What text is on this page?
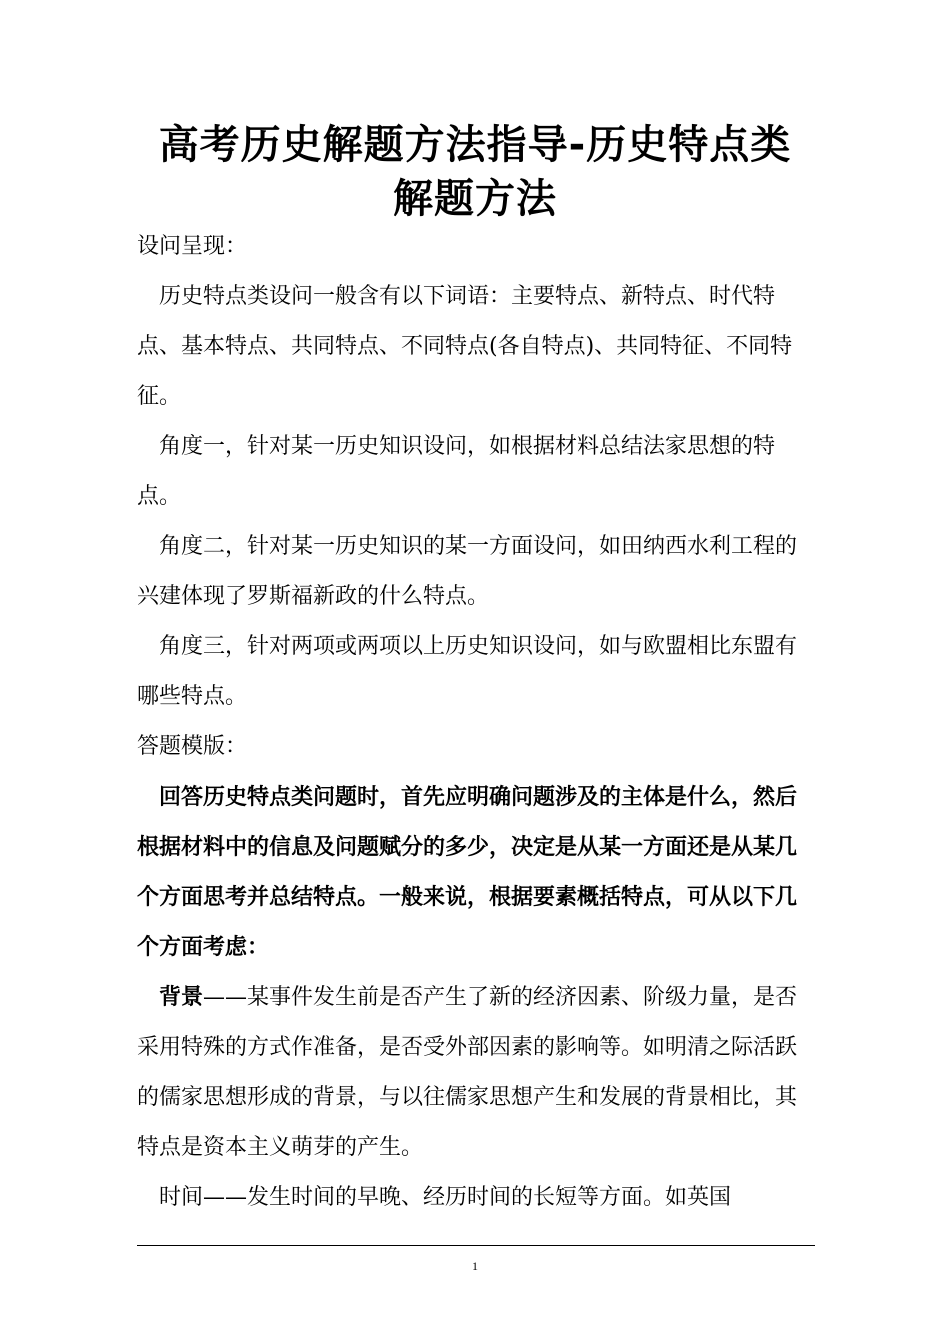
高考历史解题方法指导-历史特点类
解题方法

设问呈现：

历史特点类设问一般含有以下词语：主要特点、新特点、时代特点、基本特点、共同特点、不同特点(各自特点)、共同特征、不同特征。

角度一，针对某一历史知识设问，如根据材料总结法家思想的特点。

角度二，针对某一历史知识的某一方面设问，如田纳西水利工程的兴建体现了罗斯福新政的什么特点。

角度三，针对两项或两项以上历史知识设问，如与欧盟相比东盟有哪些特点。

答题模版：

回答历史特点类问题时，首先应明确问题涉及的主体是什么，然后根据材料中的信息及问题赋分的多少，决定是从某一方面还是从某几个方面思考并总结特点。一般来说，根据要素概括特点，可从以下几个方面考虑：

背景——某事件发生前是否产生了新的经济因素、阶级力量，是否采用特殊的方式作准备，是否受外部因素的影响等。如明清之际活跃的儒家思想形成的背景，与以往儒家思想产生和发展的背景相比，其特点是资本主义萌芽的产生。

时间——发生时间的早晚、经历时间的长短等方面。如英国

1
